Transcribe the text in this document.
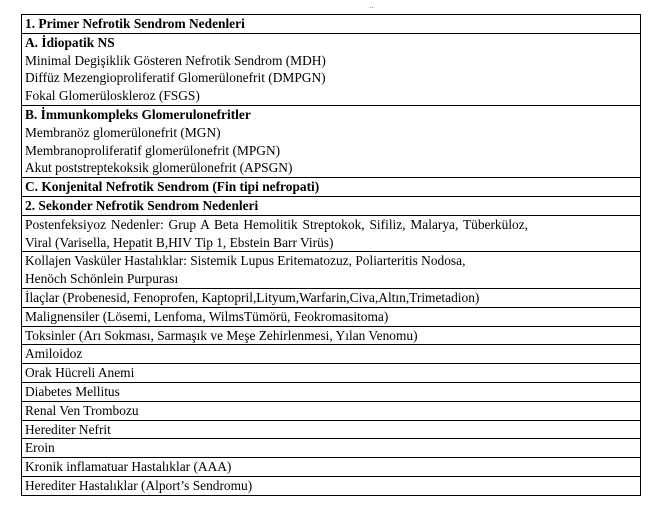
..
1. Primer Nefrotik Sendrom Nedenleri

A. İdiopatik NS
Minimal Degişiklik Gösteren Nefrotik Sendrom (MDH)
Diffüz Mezengioproliferatif Glomerülonefrit (DMPGN)
Fokal Glomerüloskleroz (FSGS)

B. İmmunkompleks Glomerulonefritler
Membranöz glomerülonefrit (MGN)
Membranoproliferatif glomerülonefrit (MPGN)
Akut poststreptekoksik glomerülonefrit (APSGN)

C. Konjenital Nefrotik Sendrom (Fin tipi nefropati)

2. Sekonder Nefrotik Sendrom Nedenleri

Postenfeksiyoz Nedenler: Grup A Beta Hemolitik Streptokok, Sifiliz, Malarya, Tüberküloz,
Viral (Varisella, Hepatit B,HIV Tip 1, Ebstein Barr Virüs)

Kollajen Vasküler Hastalıklar: Sistemik Lupus Eritematozuz, Poliarteritis Nodosa,
Henöch Schönlein Purpurası

İlaçlar (Probenesid, Fenoprofen, Kaptopril,Lityum,Warfarin,Civa,Altın,Trimetadion)

Malignensiler (Lösemi, Lenfoma, WilmsTümörü, Feokromasitoma)

Toksinler (Arı Sokması, Sarmaşık ve Meşe Zehirlenmesi, Yılan Venomu)

Amiloidoz

Orak Hücreli Anemi

Diabetes Mellitus

Renal Ven Trombozu

Herediter Nefrit

Eroin

Kronik inflamatuar Hastalıklar (AAA)

Herediter Hastalıklar (Alport’s Sendromu)
